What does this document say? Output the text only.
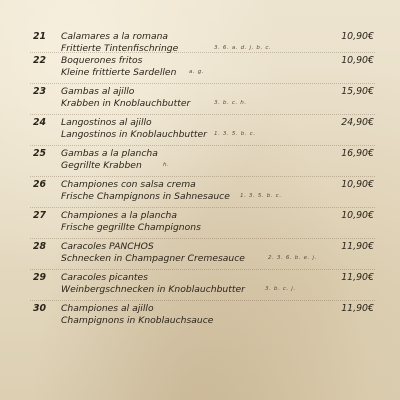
21	Calamares a la romana
Frittierte Tintenfischringe	3. 6. a. d. j. b. c.
10,90€
22	Boquerones fritos
Kleine frittierte Sardellen a. g.
10,90€
23	Gambas al ajillo
Krabben in Knoblauchbutter	3. b. c. h.
15,90€
24	Langostinos al ajillo
Langostinos in Knoblauchbutter 1. 3. 5. b. c.
24,90€
25	Gambas a la plancha
Gegrillte Krabben	h.
16,90€
26	Championes con salsa crema
Frische Champignons in Sahnesauce 1. 3. 5. b. c.
10,90€
27	Championes a la plancha
Frische gegrillte Champignons
10,90€
28	Caracoles PANCHOS
Schnecken in Champagner Cremesauce	2. 3. 6. b. e. j.
11,90€
29	Caracoles picantes
Weinbergschnecken in Knoblauchbutter	3. b. c. j.
11,90€
30	Championes al ajillo
Champignons in Knoblauchsauce
11,90€
